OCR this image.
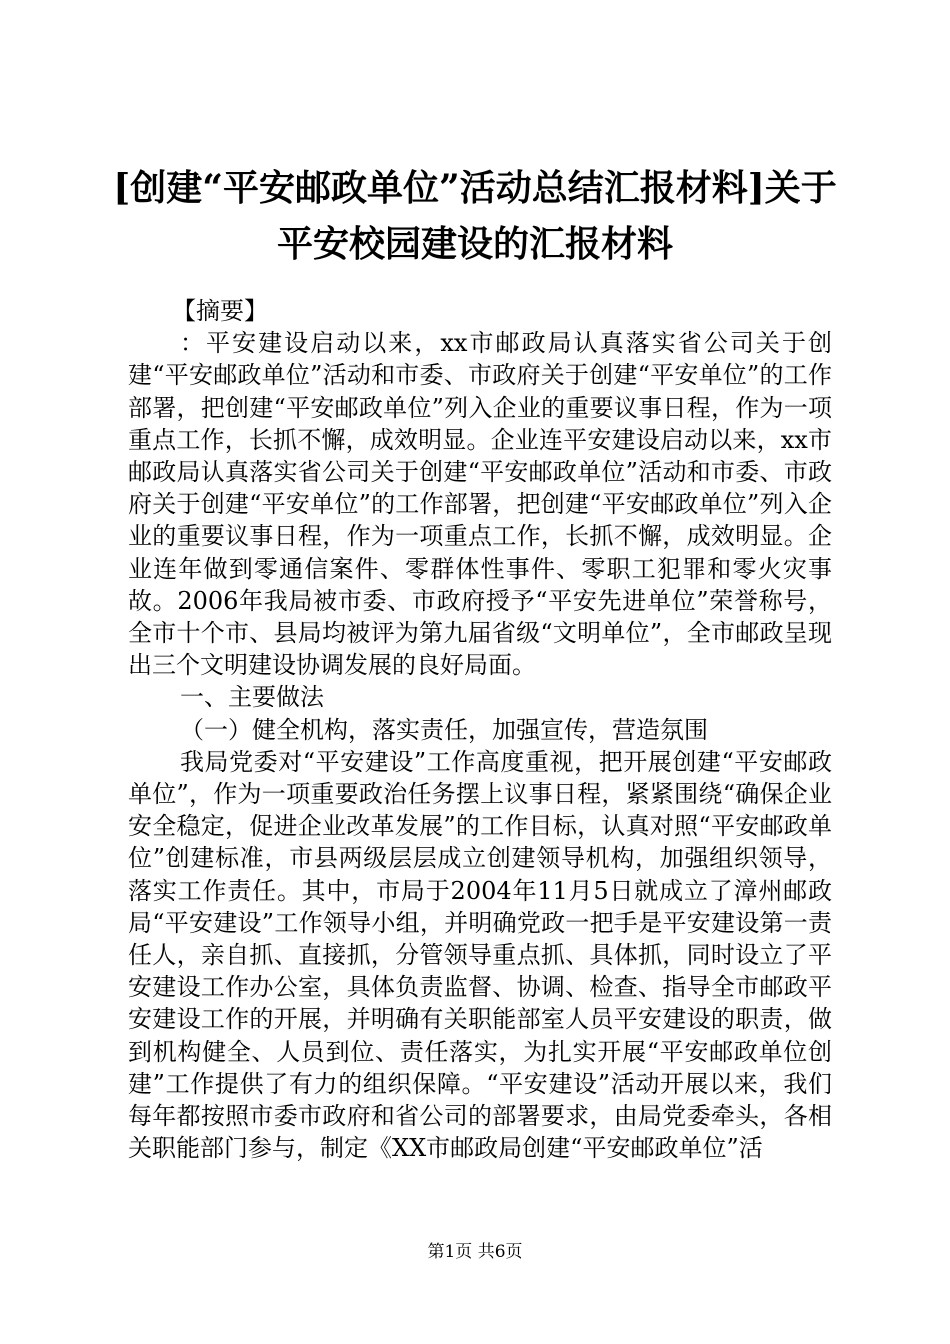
[创建“平安邮政单位”活动总结汇报材料]关于平安校园建设的汇报材料

【摘要】

：平安建设启动以来，xx市邮政局认真落实省公司关于创建“平安邮政单位”活动和市委、市政府关于创建“平安单位”的工作部署，把创建“平安邮政单位”列入企业的重要议事日程，作为一项重点工作，长抓不懈，成效明显。企业连平安建设启动以来，xx市邮政局认真落实省公司关于创建“平安邮政单位”活动和市委、市政府关于创建“平安单位”的工作部署，把创建“平安邮政单位”列入企业的重要议事日程，作为一项重点工作，长抓不懈，成效明显。企业连年做到零通信案件、零群体性事件、零职工犯罪和零火灾事故。2006年我局被市委、市政府授予“平安先进单位”荣誉称号，全市十个市、县局均被评为第九届省级“文明单位”，全市邮政呈现出三个文明建设协调发展的良好局面。

一、主要做法

（一）健全机构，落实责任，加强宣传，营造氛围

我局党委对“平安建设”工作高度重视，把开展创建“平安邮政单位”，作为一项重要政治任务摆上议事日程，紧紧围绕“确保企业安全稳定，促进企业改革发展”的工作目标，认真对照“平安邮政单位”创建标准，市县两级层层成立创建领导机构，加强组织领导，落实工作责任。其中，市局于2004年11月5日就成立了漳州邮政局“平安建设”工作领导小组，并明确党政一把手是平安建设第一责任人，亲自抓、直接抓，分管领导重点抓、具体抓，同时设立了平安建设工作办公室，具体负责监督、协调、检查、指导全市邮政平安建设工作的开展，并明确有关职能部室人员平安建设的职责，做到机构健全、人员到位、责任落实，为扎实开展“平安邮政单位创建”工作提供了有力的组织保障。“平安建设”活动开展以来，我们每年都按照市委市政府和省公司的部署要求，由局党委牵头，各相关职能部门参与，制定《XX市邮政局创建“平安邮政单位”活

第1页 共6页
